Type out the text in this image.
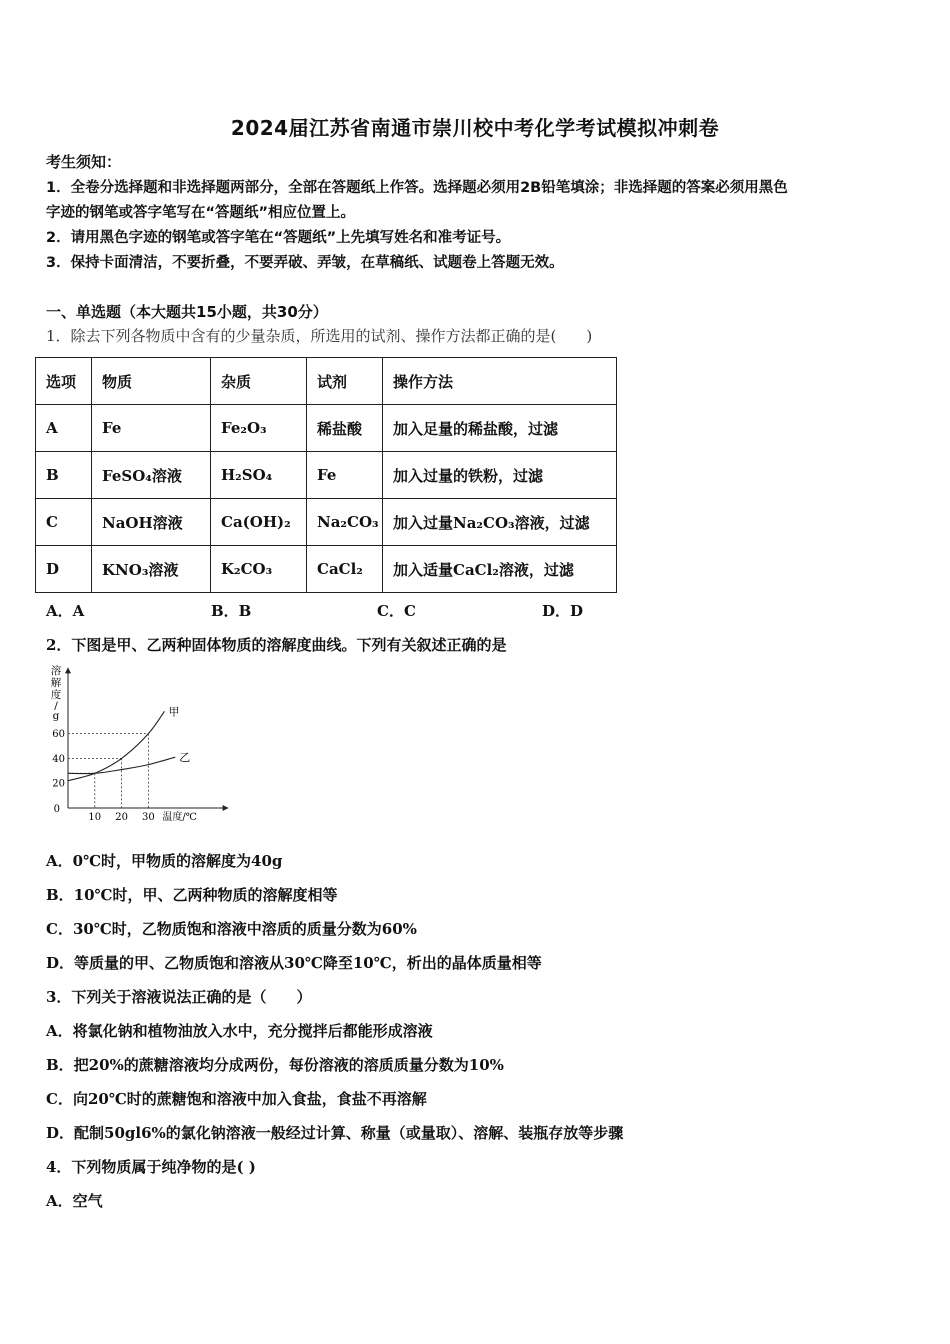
2024届江苏省南通市崇川校中考化学考试模拟冲刺卷
考生须知：
1．全卷分选择题和非选择题两部分，全部在答题纸上作答。选择题必须用2B铅笔填涂；非选择题的答案必须用黑色
字迹的钢笔或答字笔写在“答题纸”相应位置上。
2．请用黑色字迹的钢笔或答字笔在“答题纸”上先填写姓名和准考证号。
3．保持卡面清洁，不要折叠，不要弄破、弄皱，在草稿纸、试题卷上答题无效。
一、单选题（本大题共15小题，共30分）
1．除去下列各物质中含有的少量杂质，所选用的试剂、操作方法都正确的是(　　)
选项	物质	杂质	试剂	操作方法
A	Fe	Fe₂O₃	稀盐酸	加入足量的稀盐酸，过滤
B	FeSO₄溶液	H₂SO₄	Fe	加入过量的铁粉，过滤
C	NaOH溶液	Ca(OH)₂	Na₂CO₃	加入过量Na₂CO₃溶液，过滤
D	KNO₃溶液	K₂CO₃	CaCl₂	加入适量CaCl₂溶液，过滤
A．A	B．B	C．C	D．D
2．下图是甲、乙两种固体物质的溶解度曲线。下列有关叙述正确的是
溶
解
度
/
g	甲
乙
20
40
60
0
10 20 30 温度/℃
A．0℃时，甲物质的溶解度为40g
B．10℃时，甲、乙两种物质的溶解度相等
C．30℃时，乙物质饱和溶液中溶质的质量分数为60%
D．等质量的甲、乙物质饱和溶液从30℃降至10℃，析出的晶体质量相等
3．下列关于溶液说法正确的是（　　）
A．将氯化钠和植物油放入水中，充分搅拌后都能形成溶液
B．把20%的蔗糖溶液均分成两份，每份溶液的溶质质量分数为10%
C．向20℃时的蔗糖饱和溶液中加入食盐，食盐不再溶解
D．配制50gl6%的氯化钠溶液一般经过计算、称量（或量取）、溶解、装瓶存放等步骤
4．下列物质属于纯净物的是( )
A．空气
